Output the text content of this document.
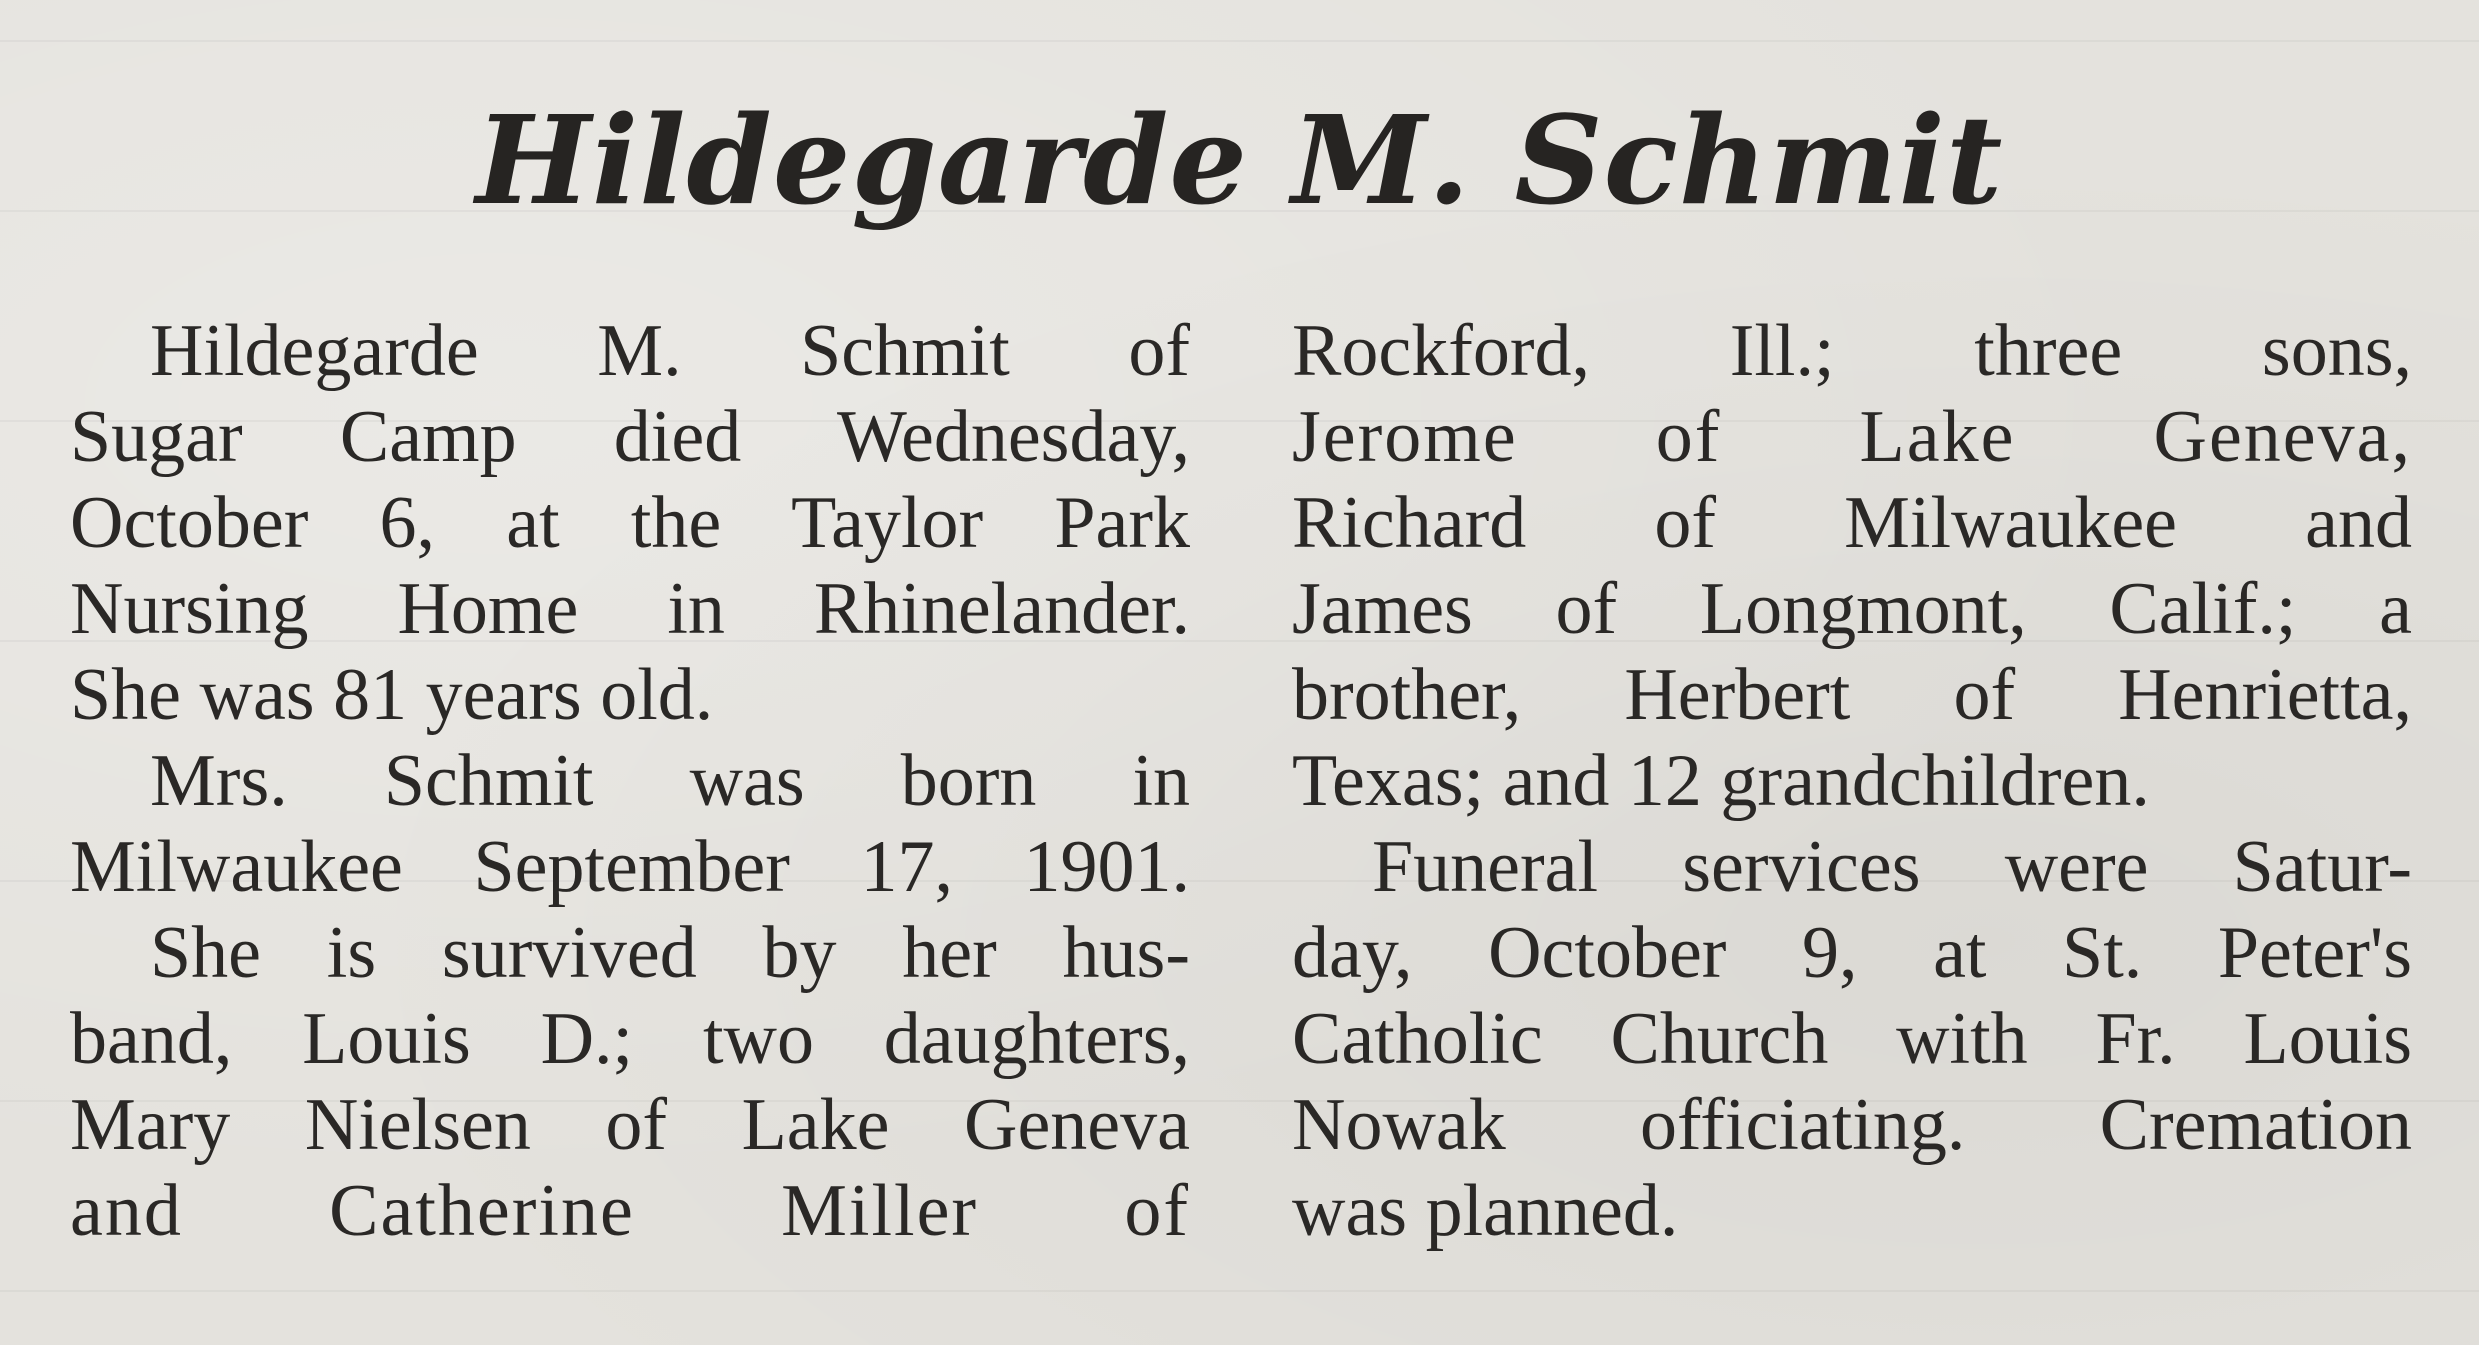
Hildegarde M. Schmit
Hildegarde M. Schmit of
Sugar Camp died Wednesday,
October 6, at the Taylor Park
Nursing Home in Rhinelander.
She was 81 years old.
Mrs. Schmit was born in
Milwaukee September 17, 1901.
She is survived by her hus-
band, Louis D.; two daughters,
Mary Nielsen of Lake Geneva
and Catherine Miller of
Rockford, Ill.; three sons,
Jerome of Lake Geneva,
Richard of Milwaukee and
James of Longmont, Calif.; a
brother, Herbert of Henrietta,
Texas; and 12 grandchildren.
Funeral services were Satur-
day, October 9, at St. Peter's
Catholic Church with Fr. Louis
Nowak officiating. Cremation
was planned.
